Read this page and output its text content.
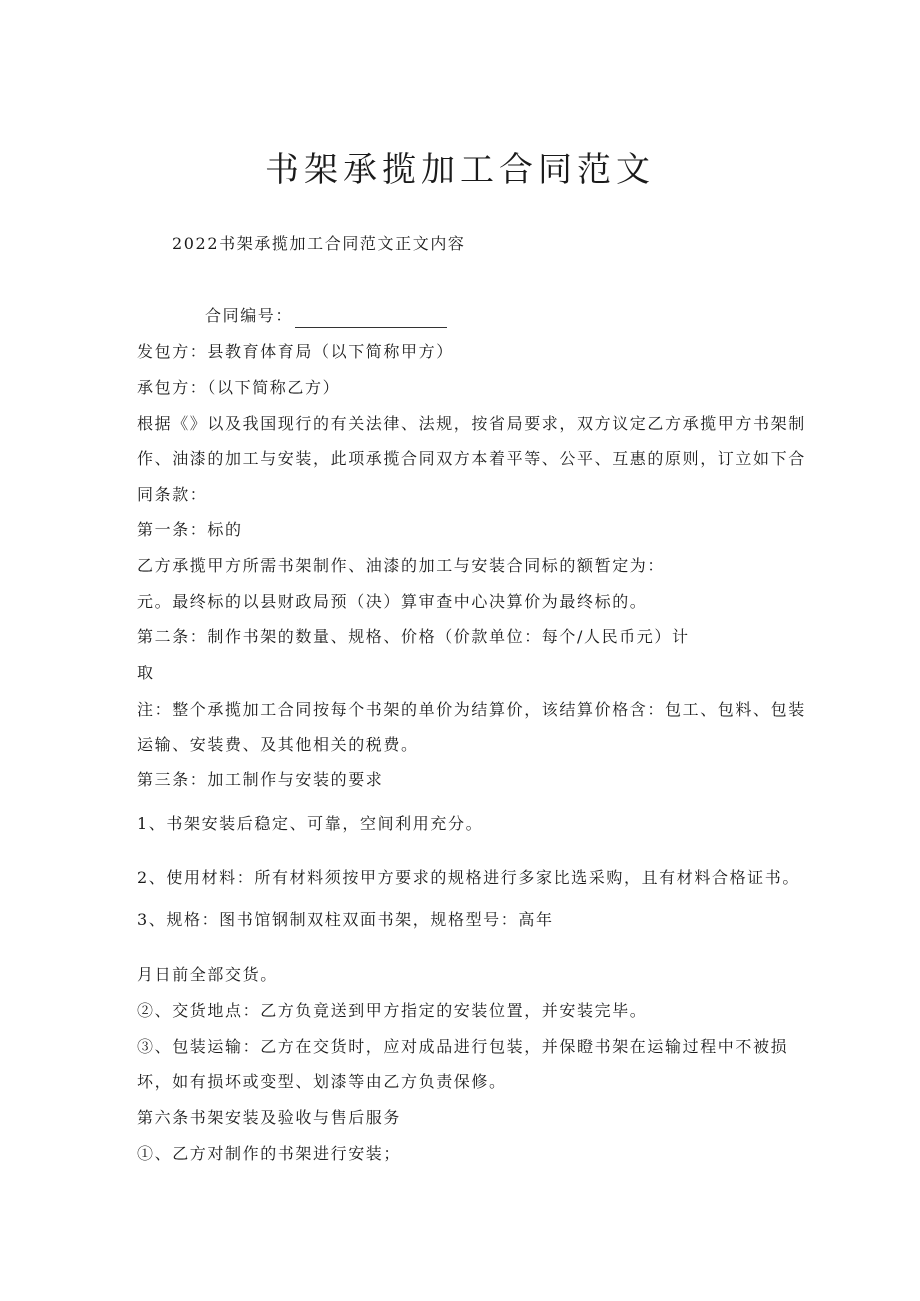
书架承揽加工合同范文
2022书架承揽加工合同范文正文内容
合同编号：
发包方：县教育体育局（以下简称甲方）
承包方：（以下简称乙方）
根据《》以及我国现行的有关法律、法规，按省局要求，双方议定乙方承揽甲方书架制
作、油漆的加工与安装，此项承揽合同双方本着平等、公平、互惠的原则，订立如下合
同条款：
第一条：标的
乙方承揽甲方所需书架制作、油漆的加工与安装合同标的额暂定为：
元。最终标的以县财政局预（决）算审查中心决算价为最终标的。
第二条：制作书架的数量、规格、价格（价款单位：每个/人民币元）计
取
注：整个承揽加工合同按每个书架的单价为结算价，该结算价格含：包工、包料、包装
运输、安装费、及其他相关的税费。
第三条：加工制作与安装的要求
1、书架安装后稳定、可靠，空间利用充分。
2、使用材料：所有材料须按甲方要求的规格进行多家比选采购，且有材料合格证书。
3、规格：图书馆钢制双柱双面书架，规格型号：高年
月日前全部交货。
②、交货地点：乙方负竟送到甲方指定的安装位置，并安装完毕。
③、包装运输：乙方在交货时，应对成品进行包装，并保瞪书架在运输过程中不被损
坏，如有损坏或变型、划漆等由乙方负责保修。
第六条书架安装及验收与售后服务
①、乙方对制作的书架进行安装；
